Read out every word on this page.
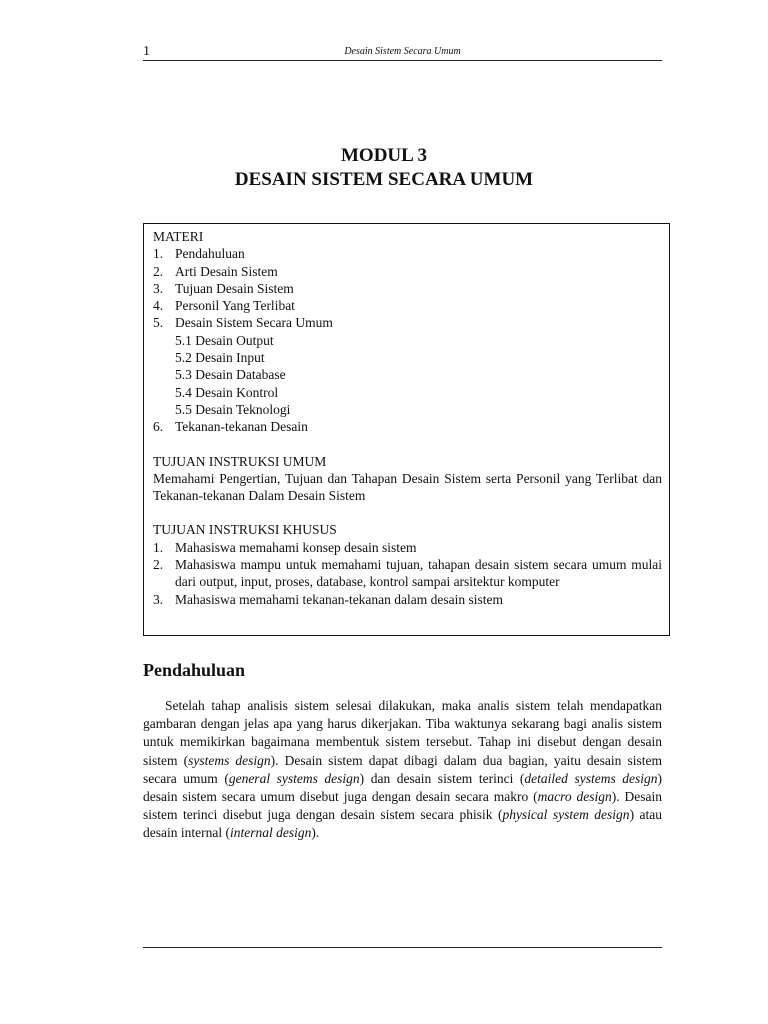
1	Desain Sistem Secara Umum
MODUL 3
DESAIN SISTEM SECARA UMUM
MATERI
1. Pendahuluan
2. Arti Desain Sistem
3. Tujuan Desain Sistem
4. Personil Yang Terlibat
5. Desain Sistem Secara Umum
5.1 Desain Output
5.2 Desain Input
5.3 Desain Database
5.4 Desain Kontrol
5.5 Desain Teknologi
6. Tekanan-tekanan Desain
TUJUAN INSTRUKSI UMUM

Memahami Pengertian, Tujuan dan Tahapan Desain Sistem serta Personil yang Terlibat dan Tekanan-tekanan Dalam Desain Sistem

TUJUAN INSTRUKSI KHUSUS
1. Mahasiswa memahami konsep desain sistem
2. Mahasiswa mampu untuk memahami tujuan, tahapan desain sistem secara umum mulai dari output, input, proses, database, kontrol sampai arsitektur komputer
3. Mahasiswa memahami tekanan-tekanan dalam desain sistem
Pendahuluan

Setelah tahap analisis sistem selesai dilakukan, maka analis sistem telah mendapatkan gambaran dengan jelas apa yang harus dikerjakan. Tiba waktunya sekarang bagi analis sistem untuk memikirkan bagaimana membentuk sistem tersebut. Tahap ini disebut dengan desain sistem (systems design). Desain sistem dapat dibagi dalam dua bagian, yaitu desain sistem secara umum (general systems design) dan desain sistem terinci (detailed systems design) desain sistem secara umum disebut juga dengan desain secara makro (macro design). Desain sistem terinci disebut juga dengan desain sistem secara phisik (physical system design) atau desain internal (internal design).
